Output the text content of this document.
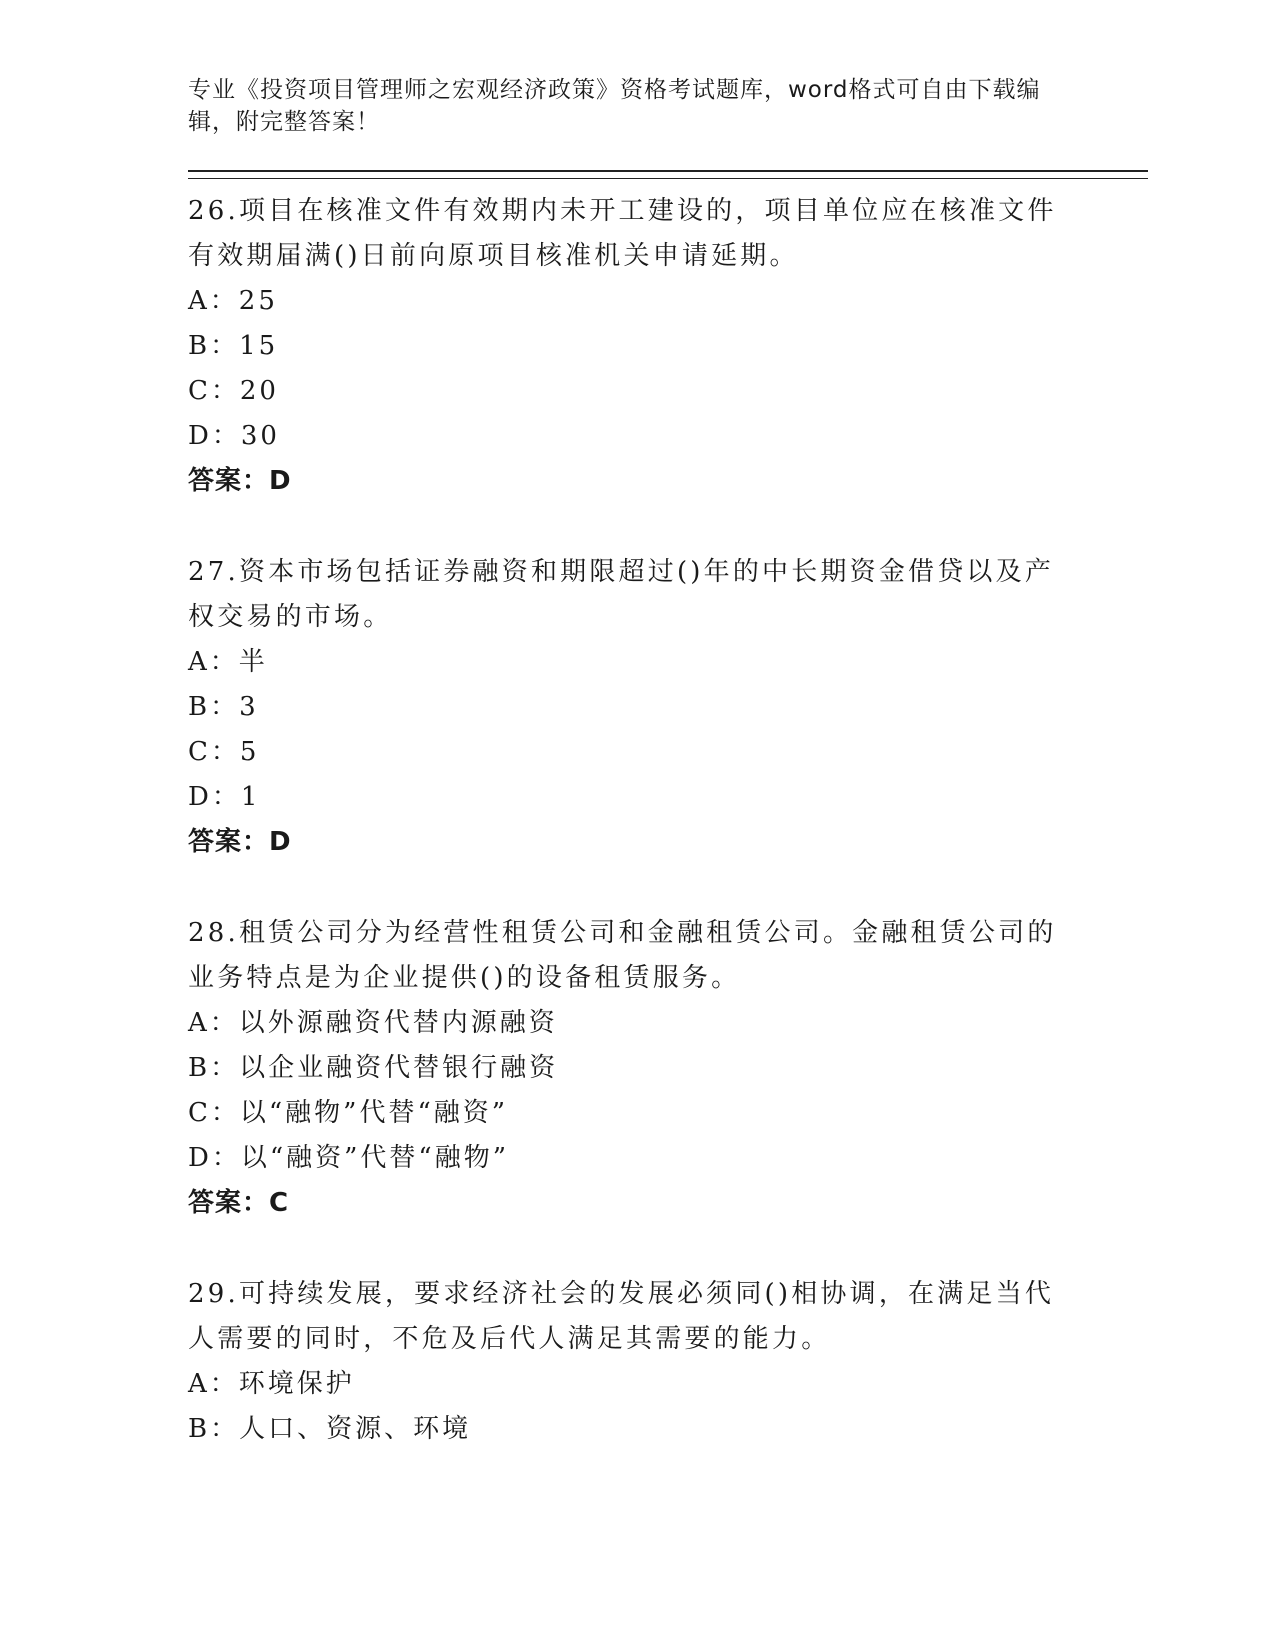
专业《投资项目管理师之宏观经济政策》资格考试题库，word格式可自由下载编辑，附完整答案！
26.项目在核准文件有效期内未开工建设的，项目单位应在核准文件有效期届满()日前向原项目核准机关申请延期。
A：25
B：15
C：20
D：30
答案：D
27.资本市场包括证券融资和期限超过()年的中长期资金借贷以及产权交易的市场。
A：半
B：3
C：5
D：1
答案：D
28.租赁公司分为经营性租赁公司和金融租赁公司。金融租赁公司的业务特点是为企业提供()的设备租赁服务。
A：以外源融资代替内源融资
B：以企业融资代替银行融资
C：以“融物”代替“融资”
D：以“融资”代替“融物”
答案：C
29.可持续发展，要求经济社会的发展必须同()相协调，在满足当代人需要的同时，不危及后代人满足其需要的能力。
A：环境保护
B：人口、资源、环境
